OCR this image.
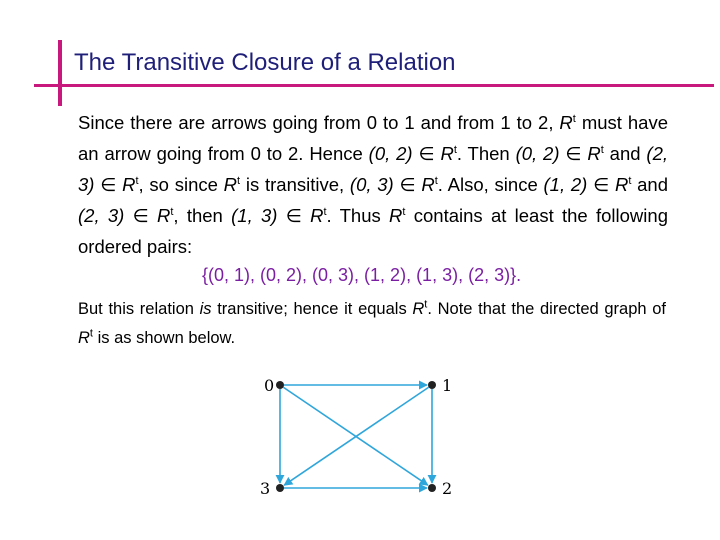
The Transitive Closure of a Relation

Since there are arrows going from 0 to 1 and from 1 to 2, $R^t$ must have an arrow going from 0 to 2. Hence (0, 2) ∈ $R^t$. Then (0, 2) ∈ $R^t$ and (2, 3) ∈ $R^t$, so since $R^t$ is transitive, (0, 3) ∈ $R^t$. Also, since (1, 2) ∈ $R^t$ and (2, 3) ∈ $R^t$, then (1, 3) ∈ $R^t$. Thus $R^t$ contains at least the following ordered pairs:

{(0, 1), (0, 2), (0, 3), (1, 2), (1, 3), (2, 3)}.

But this relation is transitive; hence it equals $R^t$. Note that the directed graph of $R^t$ is as shown below.

0	1
2
3
